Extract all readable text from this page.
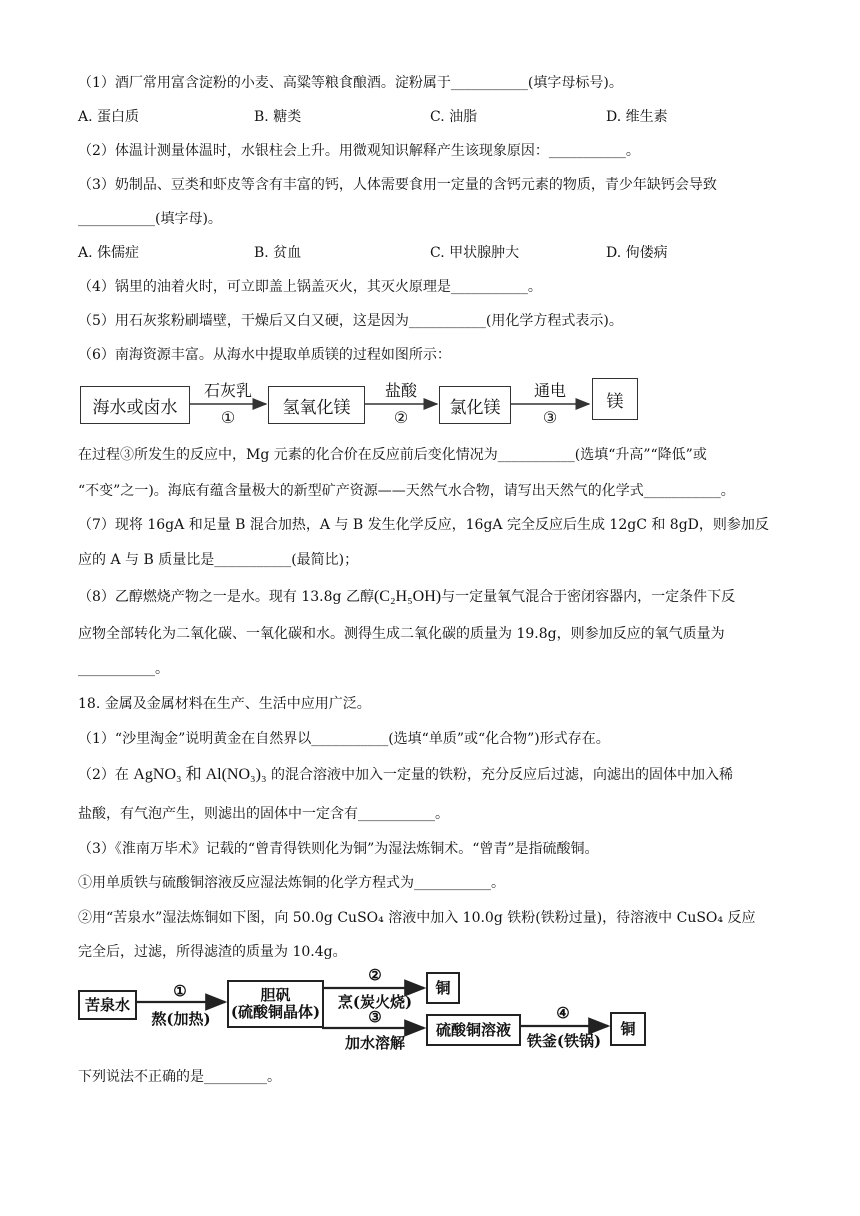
（1）酒厂常用富含淀粉的小麦、高粱等粮食酿酒。淀粉属于___________(填字母标号)。
A. 蛋白质	B. 糖类	C. 油脂	D. 维生素
（2）体温计测量体温时，水银柱会上升。用微观知识解释产生该现象原因：___________。
（3）奶制品、豆类和虾皮等含有丰富的钙，人体需要食用一定量的含钙元素的物质，青少年缺钙会导致
___________(填字母)。
A. 侏儒症	B. 贫血	C. 甲状腺肿大	D. 佝偻病
（4）锅里的油着火时，可立即盖上锅盖灭火，其灭火原理是___________。
（5）用石灰浆粉刷墙壁，干燥后又白又硬，这是因为___________(用化学方程式表示)。
（6）南海资源丰富。从海水中提取单质镁的过程如图所示：
海水或卤水	氢氧化镁	氯化镁	镁
石灰乳
①
盐酸
②
通电
③
在过程③所发生的反应中，Mg 元素的化合价在反应前后变化情况为___________(选填“升高”“降低”或
“不变”之一)。海底有蕴含量极大的新型矿产资源——天然气水合物，请写出天然气的化学式___________。
（7）现将 16gA 和足量 B 混合加热，A 与 B 发生化学反应，16gA 完全反应后生成 12gC 和 8gD，则参加反
应的 A 与 B 质量比是___________(最简比)；
（8）乙醇燃烧产物之一是水。现有 13.8g 乙醇(C₂H₅OH)与一定量氧气混合于密闭容器内，一定条件下反
应物全部转化为二氧化碳、一氧化碳和水。测得生成二氧化碳的质量为 19.8g，则参加反应的氧气质量为
___________。
18. 金属及金属材料在生产、生活中应用广泛。
（1）“沙里淘金”说明黄金在自然界以___________(选填“单质”或“化合物”)形式存在。
（2）在 AgNO₃ 和 Al(NO₃)₃ 的混合溶液中加入一定量的铁粉，充分反应后过滤，向滤出的固体中加入稀
盐酸，有气泡产生，则滤出的固体中一定含有___________。
（3）《淮南万毕术》记载的“曾青得铁则化为铜”为湿法炼铜术。“曾青”是指硫酸铜。
①用单质铁与硫酸铜溶液反应湿法炼铜的化学方程式为___________。
②用“苦泉水”湿法炼铜如下图，向 50.0g CuSO₄ 溶液中加入 10.0g 铁粉(铁粉过量)，待溶液中 CuSO₄ 反应
完全后，过滤，所得滤渣的质量为 10.4g。
苦泉水
胆矾
(硫酸铜晶体)
铜
硫酸铜溶液	铜
①
熬(加热)
②
烹(炭火烧)
③
加水溶解
④
铁釜(铁锅)
下列说法不正确的是_________。
